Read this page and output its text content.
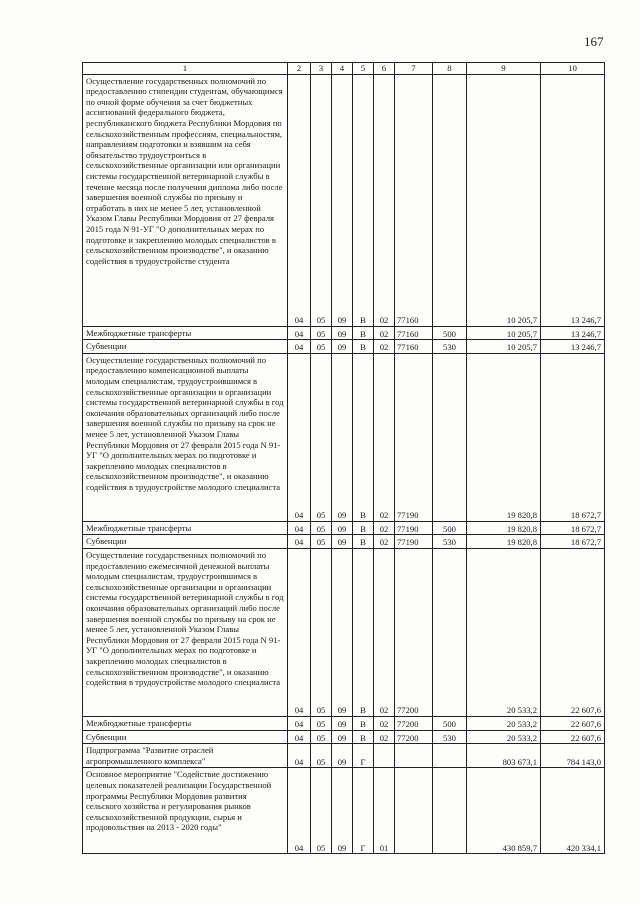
167
1	2	3	4	5	6	7	8	9	10
Осуществление государственных полномочий по предоставлению стипендии студентам, обучающимся по очной форме обучения за счет бюджетных ассигнований федерального бюджета, республиканского бюджета Республики Мордовия по сельскохозяйственным профессиям, специальностям, направлениям подготовки и взявшим на себя обязательство трудоустроиться в сельскохозяйственные организации или организации системы государственной ветеринарной службы в течение месяца после получения диплома либо после завершения военной службы по призыву и отработать в них не менее 5 лет, установленной Указом Главы Республики Мордовия от 27 февраля 2015 года N 91-УГ "О дополнительных мерах по подготовке и закреплению молодых специалистов в сельскохозяйственном производстве", и оказанию содействия в трудоустройстве студента	04	05	09	В	02	77160		10 205,7	13 246,7
Межбюджетные трансферты	04	05	09	В	02	77160	500	10 205,7	13 246,7
Субвенции	04	05	09	В	02	77160	530	10 205,7	13 246,7
Осуществление государственных полномочий по предоставлению компенсационной выплаты молодым специалистам, трудоустроившимся в сельскохозяйственные организации и организации системы государственной ветеринарной службы в год окончания образовательных организаций либо после завершения военной службы по призыву на срок не менее 5 лет, установленной Указом Главы Республики Мордовия от 27 февраля 2015 года N 91-УГ "О дополнительных мерах по подготовке и закреплению молодых специалистов в сельскохозяйственном производстве", и оказанию содействия в трудоустройстве молодого специалиста	04	05	09	В	02	77190		19 820,8	18 672,7
Межбюджетные трансферты	04	05	09	В	02	77190	500	19 820,8	18 672,7
Субвенции	04	05	09	В	02	77190	530	19 820,8	18 672,7
Осуществление государственных полномочий по предоставлению ежемесячной денежной выплаты молодым специалистам, трудоустроившимся в сельскохозяйственные организации и организации системы государственной ветеринарной службы в год окончания образовательных организаций либо после завершения военной службы по призыву на срок не менее 5 лет, установленной Указом Главы Республики Мордовия от 27 февраля 2015 года N 91-УГ "О дополнительных мерах по подготовке и закреплению молодых специалистов в сельскохозяйственном производстве", и оказанию содействия в трудоустройстве молодого специалиста	04	05	09	В	02	77200		20 533,2	22 607,6
Межбюджетные трансферты	04	05	09	В	02	77200	500	20 533,2	22 607,6
Субвенции	04	05	09	В	02	77200	530	20 533,2	22 607,6
Подпрограмма "Развитие отраслей агропромышленного комплекса"	04	05	09	Г				803 673,1	784 143,0
Основное мероприятие "Содействие достижению целевых показателей реализации Государственной программы Республики Мордовия развития сельского хозяйства и регулирования рынков сельскохозяйственной продукции, сырья и продовольствия на 2013 - 2020 годы"	04	05	09	Г	01			430 859,7	420 334,1
